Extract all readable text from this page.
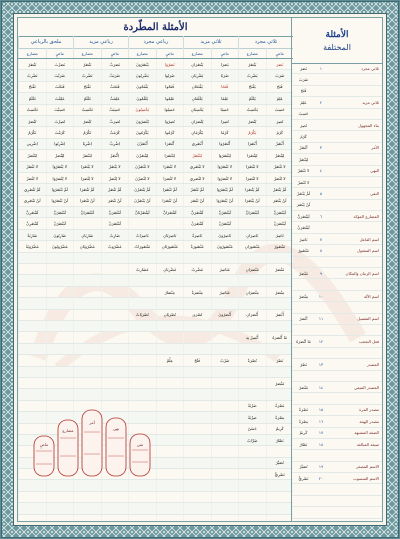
الأمثلة المطّردة
ثلاثي مجرد
ثلاثي مزيد
رباعي مجرد
رباعي مزيد
ملحق بالرباعي
ماضٍ
مضارع
ماضٍ
مضارع
ماضٍ
مضارع
ماضٍ
مضارع
ماضٍ
مضارع
نَصَرَ
يَنْصُرُ
نَصَرَا
يَنْصُرَانِ
نَصَرُوا
يَنْصُرُونَ
نَصَرَتْ
تَنْصُرُ
نَصَرْتَ
تَنْصُرُ
ضَرَبَ
يَضْرِبُ
ضَرَبَا
يَضْرِبَانِ
ضَرَبُوا
يَضْرِبُونَ
ضَرَبَتْ
تَضْرِبُ
ضَرَبْتَ
تَضْرِبُ
فَتَحَ
يَفْتَحُ
فَتَحَا
يَفْتَحَانِ
فَتَحُوا
يَفْتَحُونَ
فَتَحَتْ
تَفْتَحُ
فَتَحْتَ
تَفْتَحُ
عَلِمَ
يَعْلَمُ
عَلِمَا
يَعْلَمَانِ
عَلِمُوا
يَعْلَمُونَ
عَلِمَتْ
تَعْلَمُ
عَلِمْتَ
تَعْلَمُ
حَسِبَ
يَحْسِبُ
حَسِبَا
يَحْسِبَانِ
حَسِبُوا
يَحْسِبُونَ
حَسِبَتْ
تَحْسِبُ
حَسِبْتَ
تَحْسِبُ
نُصِرَ
يُنْصَرُ
نُصِرَا
يُنْصَرَانِ
نُصِرُوا
يُنْصَرُونَ
نُصِرَتْ
تُنْصَرُ
نُصِرْتَ
تُنْصَرُ
كَرُمَ
يَكْرُمُ
كَرُمَا
يَكْرُمَانِ
كَرُمُوا
يَكْرُمُونَ
كَرُمَتْ
تَكْرُمُ
كَرُمْتَ
تَكْرُمُ
اُنْصُرْ
اُنْصُرَا
اُنْصُرُوا
اُنْصُرِي
اُنْصُرَا
اُنْصُرْنَ
اِضْرِبْ
اِضْرِبَا
اِضْرِبُوا
اِضْرِبِي
لِيَنْصُرْ
لِيَنْصُرَا
لِيَنْصُرُوا
لِتَنْصُرْ
لِتَنْصُرَا
لِيَنْصُرْنَ
لِأَنْصُرْ
لِنَنْصُرْ
لِيُنْصَرْ
لِتُنْصَرْ
لا تَنْصُرْ
لا تَنْصُرَا
لا تَنْصُرُوا
لا تَنْصُرِي
لا تَنْصُرَا
لا تَنْصُرْنَ
لا يَنْصُرْ
لا يَنْصُرَا
لا يَنْصُرُوا
لا تَنْصُرْ
لا تُنْصَرْ
لا تُنْصَرَا
لا تُنْصَرُوا
لا تُنْصَرِي
لا تُنْصَرَا
لا تُنْصَرْنَ
لا يُنْصَرْ
لا يُنْصَرَا
لا يُنْصَرُوا
لا تُنْصَرْ
لَمْ يَنْصُرْ
لَمْ يَنْصُرَا
لَمْ يَنْصُرُوا
لَمْ تَنْصُرْ
لَمْ تَنْصُرَا
لَمْ يَنْصُرْنَ
لَمْ تَنْصُرْ
لَمْ تَنْصُرَا
لَمْ تَنْصُرُوا
لَمْ تَنْصُرِي
لَنْ يَنْصُرَ
لَنْ يَنْصُرَا
لَنْ يَنْصُرُوا
لَنْ تَنْصُرَ
لَنْ تَنْصُرَا
لَنْ يَنْصُرْنَ
لَنْ تَنْصُرَ
لَنْ تَنْصُرَا
لَنْ تَنْصُرُوا
لَنْ تَنْصُرِي
لَيَنْصُرَنَّ
لَيَنْصُرَانِّ
لَيَنْصُرُنَّ
لَتَنْصُرَنَّ
لَتَنْصُرَانِّ
لَيَنْصُرْنَانِّ
لَتَنْصُرَنَّ
لَتَنْصُرَانِّ
لَتَنْصُرُنَّ
لَتَنْصُرِنَّ
لَيَنْصُرَنْ
لَيَنْصُرُنْ
لَتَنْصُرَنْ
لَتَنْصُرَنْ
لَتَنْصُرُنْ
لَتَنْصُرِنْ
نَاصِرٌ
نَاصِرَانِ
نَاصِرُونَ
نَاصِرَةٌ
نَاصِرَتَانِ
نَاصِرَاتٌ
ضَارِبٌ
ضَارِبَانِ
ضَارِبُونَ
ضَارِبَةٌ
مَنْصُورٌ
مَنْصُورَانِ
مَنْصُورُونَ
مَنْصُورَةٌ
مَنْصُورَتَانِ
مَنْصُورَاتٌ
مَضْرُوبٌ
مَضْرُوبَانِ
مَضْرُوبُونَ
مَضْرُوبَةٌ
مَنْصَرٌ
مَنْصَرَانِ
مَنَاصِرُ
مَضْرِبٌ
مَضْرِبَانِ
مَضَارِبُ
مِنْصَرٌ
مِنْصَرَانِ
مَنَاصِرُ
مِنْصَرَةٌ
مِنْصَارٌ
أَنْصَرُ
أَنْصَرَانِ
أَنْصَرُونَ
نُصْرَى
نُصْرَيَانِ
نُصْرَيَاتٌ
مَا أَنْصَرَهُ
أَنْصِرْ بِهِ
نَصْرٌ
نُصْرَةٌ
ضَرْبٌ
فَتْحٌ
عِلْمٌ
مَنْصَرٌ
نَصْرَةٌ
ضَرْبَةٌ
نِصْرَةٌ
ضِرْبَةٌ
كَرِيمٌ
حَسَنٌ
نَصَّارٌ
ضَرَّابٌ
نُصَيْرٌ
نَصْرِيٌّ
ماضٍ
مضارع
أمر
نهي
نفي
الأمثلة
المختلفة
ثلاثي مجرد
١
نَصَرَ
ضَرَبَ
فَتَحَ
ثلاثي مزيد
٢
عَلِمَ
حَسِبَ
بناء المجهول
نُصِرَ
كَرُمَ
الأمر
٣
اُنْصُرْ
لِيَنْصُرْ
النهي
٤
لا تَنْصُرْ
لا تُنْصَرْ
النفي
٥
لَمْ يَنْصُرْ
لَنْ يَنْصُرَ
المضارع المؤكد
٦
لَيَنْصُرَنَّ
لَيَنْصُرَنْ
اسم الفاعل
٧
نَاصِرٌ
اسم المفعول
٨
مَنْصُورٌ
اسم الزمان والمكان
٩
مَنْصَرٌ
اسم الآلة
١٠
مِنْصَرٌ
اسم التفضيل
١١
أَنْصَرُ
فعل التعجب
١٢
مَا أَنْصَرَهُ
المصدر
١٣
نَصْرٌ
المصدر الميمي
١٤
مَنْصَرٌ
مصدر المرة
١٥
نَصْرَةٌ
مصدر الهيئة
١٦
نِصْرَةٌ
الصفة المشبهة
١٧
كَرِيمٌ
صيغة المبالغة
١٨
نَصَّارٌ
الاسم المصغر
١٩
نُصَيْرٌ
الاسم المنسوب
٢٠
نَصْرِيٌّ
